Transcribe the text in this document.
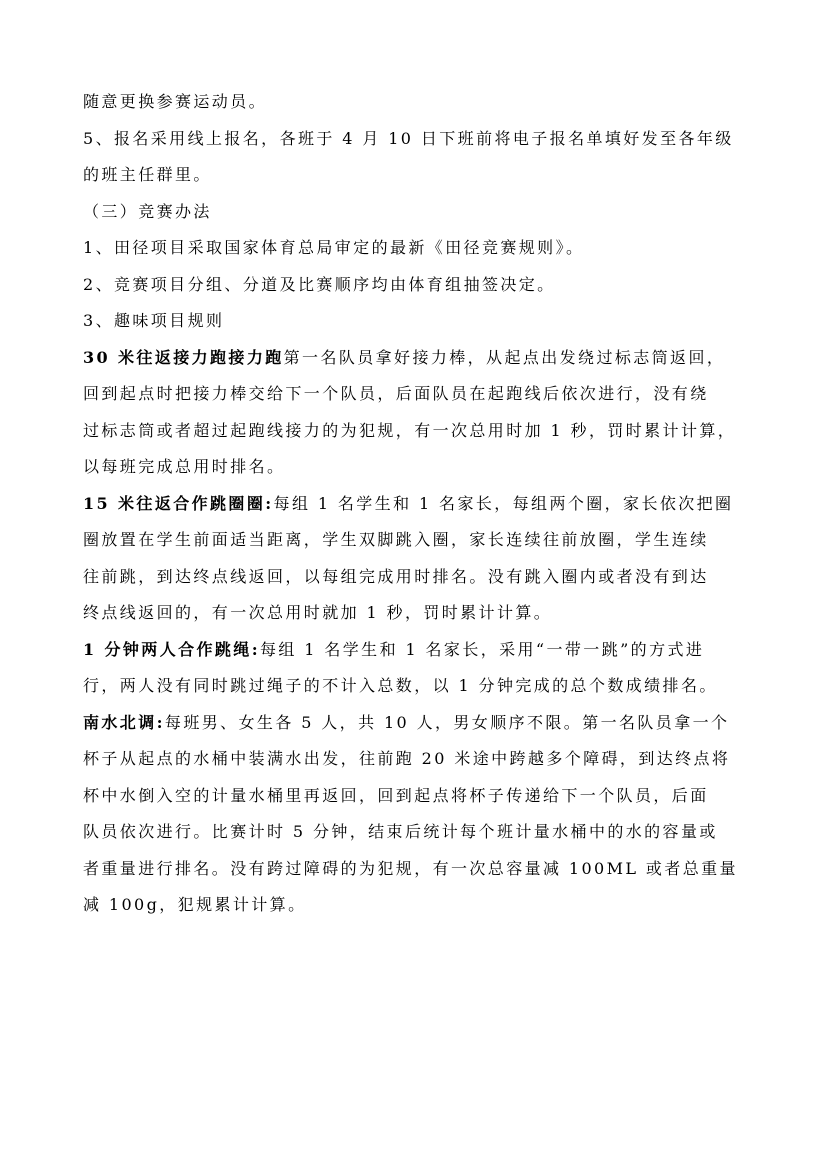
随意更换参赛运动员。
5、报名采用线上报名，各班于 4 月 10 日下班前将电子报名单填好发至各年级
的班主任群里。
（三）竞赛办法
1、田径项目采取国家体育总局审定的最新《田径竞赛规则》。
2、竞赛项目分组、分道及比赛顺序均由体育组抽签决定。
3、趣味项目规则
30 米往返接力跑接力跑第一名队员拿好接力棒，从起点出发绕过标志筒返回，
回到起点时把接力棒交给下一个队员，后面队员在起跑线后依次进行，没有绕
过标志筒或者超过起跑线接力的为犯规，有一次总用时加 1 秒，罚时累计计算，
以每班完成总用时排名。
15 米往返合作跳圈圈:每组 1 名学生和 1 名家长，每组两个圈，家长依次把圈
圈放置在学生前面适当距离，学生双脚跳入圈，家长连续往前放圈，学生连续
往前跳，到达终点线返回，以每组完成用时排名。没有跳入圈内或者没有到达
终点线返回的，有一次总用时就加 1 秒，罚时累计计算。
1 分钟两人合作跳绳:每组 1 名学生和 1 名家长，采用“一带一跳”的方式进
行，两人没有同时跳过绳子的不计入总数，以 1 分钟完成的总个数成绩排名。
南水北调:每班男、女生各 5 人，共 10 人，男女顺序不限。第一名队员拿一个
杯子从起点的水桶中装满水出发，往前跑 20 米途中跨越多个障碍，到达终点将
杯中水倒入空的计量水桶里再返回，回到起点将杯子传递给下一个队员，后面
队员依次进行。比赛计时 5 分钟，结束后统计每个班计量水桶中的水的容量或
者重量进行排名。没有跨过障碍的为犯规，有一次总容量减 100ML 或者总重量
减 100g，犯规累计计算。
